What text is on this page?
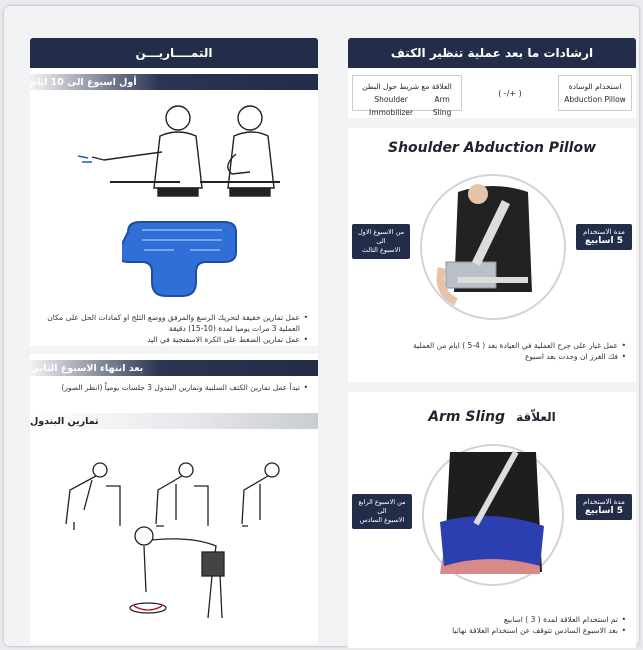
التمــــاريـــن
أول اسبوع الى 10 ايام
• عمل تمارين خفيفة لتحريك الرسغ والمرفق ووضع الثلج او كمادات الحل على مكان العملية 3 مرات يوميا لمدة (10-15) دقيقة
• عمل تمارين الضغط على الكرة الاسفنجية في اليد
بعد انتهاء الاسبوع الثاني
• تبدأ عمل تمارين الكتف السلبية وتمارين البندول 3 جلسات يومياً (انظر الصور)
تمارين البندول
ارشادات ما بعد عملية تنظير الكتف
العلاقة مع شريط حول البطن
Shoulder Immobilizer
Arm Sling
( -/+ )
استخدام الوسادة
Abduction Pillow
Shoulder Abduction Pillow
من الاسبوع الاول
الى
الاسبوع الثالث
مدة الاستخدام
5 اسابيع
• عمل غيار على جرح العملية في العيادة بعد ( 4-5 ) ايام من العملية
• فك الغرز ان وجدت بعد اسبوع
Arm Sling العلاّقة
من الاسبوع الرابع
الى
الاسبوع السادس
مدة الاستخدام
5 اسابيع
• تم استخدام العلاقة لمدة ( 3 ) اسابيع
• بعد الاسبوع السادس تتوقف عن استخدام العلاقة نهائيا
